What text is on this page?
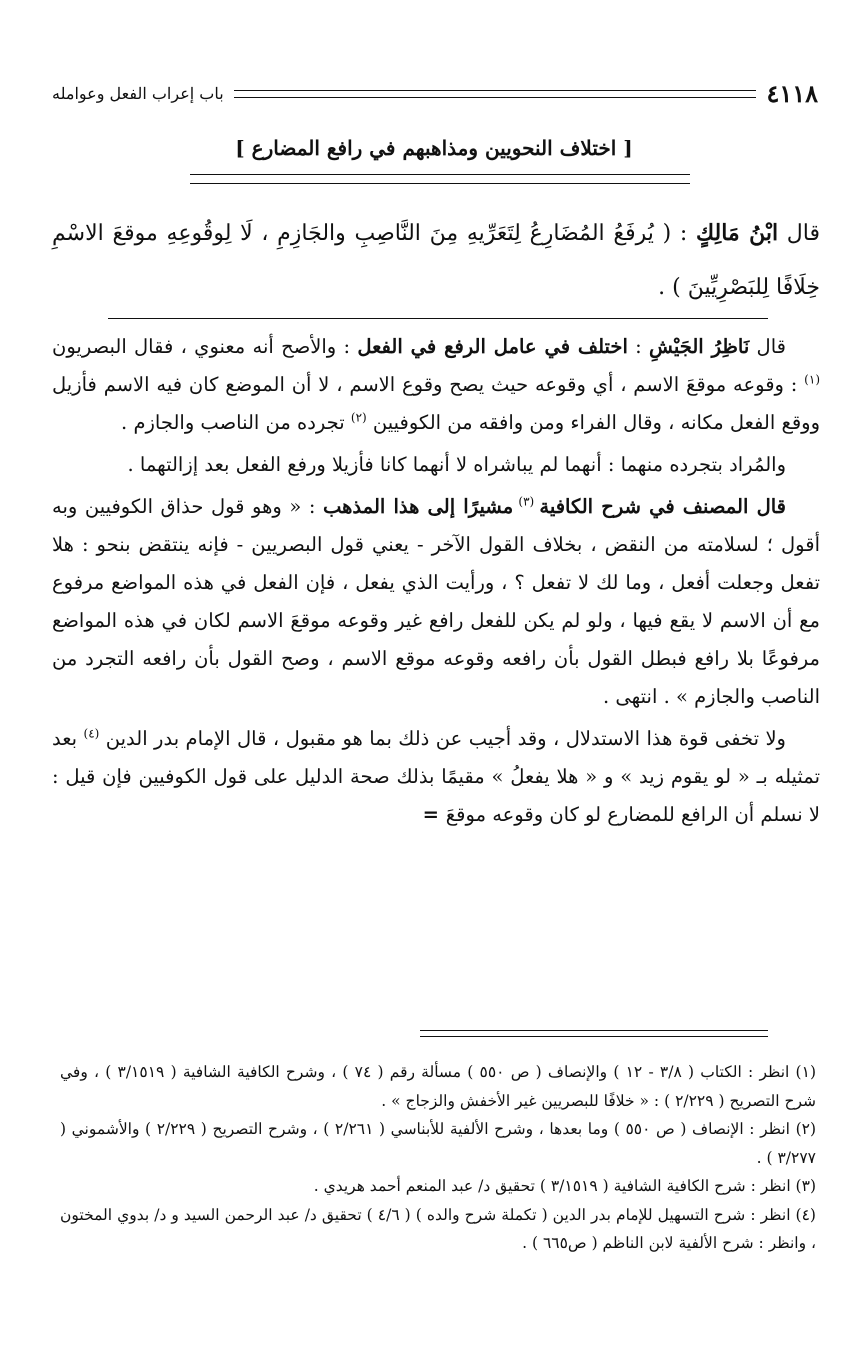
٤١١٨
باب إعراب الفعل وعوامله
[ اختلاف النحويين ومذاهبهم في رافع المضارع ]
قال ابْنُ مَالِكٍ : ( يُرفَعُ المُضَارِعُ لِتَعَرِّيهِ مِنَ النَّاصِبِ والجَازِمِ ، لَا لِوقُوعِهِ موقعَ الاسْمِ خِلَافًا لِلبَصْرِيِّينَ ) .

قال نَاظِرُ الجَيْشِ : اختلف في عامل الرفع في الفعل : والأصح أنه معنوي ، فقال البصريون $^{(١)}$ : وقوعه موقعَ الاسم ، أي وقوعه حيث يصح وقوع الاسم ، لا أن الموضع كان فيه الاسم فأزيل ووقع الفعل مكانه ، وقال الفراء ومن وافقه من الكوفيين $^{(٢)}$ تجرده من الناصب والجازم .

والمُراد بتجرده منهما : أنهما لم يباشراه لا أنهما كانا فأزيلا ورفع الفعل بعد إزالتهما .

قال المصنف في شرح الكافية $^{(٣)}$ مشيرًا إلى هذا المذهب : « وهو قول حذاق الكوفيين وبه أقول ؛ لسلامته من النقض ، بخلاف القول الآخر - يعني قول البصريين - فإنه ينتقض بنحو : هلا تفعل وجعلت أفعل ، وما لك لا تفعل ؟ ، ورأيت الذي يفعل ، فإن الفعل في هذه المواضع مرفوع مع أن الاسم لا يقع فيها ، ولو لم يكن للفعل رافع غير وقوعه موقعَ الاسم لكان في هذه المواضع مرفوعًا بلا رافع فبطل القول بأن رافعه وقوعه موقع الاسم ، وصح القول بأن رافعه التجرد من الناصب والجازم » . انتهى .

ولا تخفى قوة هذا الاستدلال ، وقد أجيب عن ذلك بما هو مقبول ، قال الإمام بدر الدين $^{(٤)}$ بعد تمثيله بـ « لو يقوم زيد » و « هلا يفعلُ » مقيمًا بذلك صحة الدليل على قول الكوفيين فإن قيل : لا نسلم أن الرافع للمضارع لو كان وقوعه موقعَ =

(١) انظر : الكتاب ( ٣/٨ - ١٢ ) والإنصاف ( ص ٥٥٠ ) مسألة رقم ( ٧٤ ) ، وشرح الكافية الشافية ( ٣/١٥١٩ ) ، وفي شرح التصريح ( ٢/٢٢٩ ) : « خلافًا للبصريين غير الأخفش والزجاج » .

(٢) انظر : الإنصاف ( ص ٥٥٠ ) وما بعدها ، وشرح الألفية للأبناسي ( ٢/٢٦١ ) ، وشرح التصريح ( ٢/٢٢٩ ) والأشموني ( ٣/٢٧٧ ) .

(٣) انظر : شرح الكافية الشافية ( ٣/١٥١٩ ) تحقيق د/ عبد المنعم أحمد هريدي .

(٤) انظر : شرح التسهيل للإمام بدر الدين ( تكملة شرح والده ) ( ٤/٦ ) تحقيق د/ عبد الرحمن السيد و د/ بدوي المختون ، وانظر : شرح الألفية لابن الناظم ( ص٦٦٥ ) .
